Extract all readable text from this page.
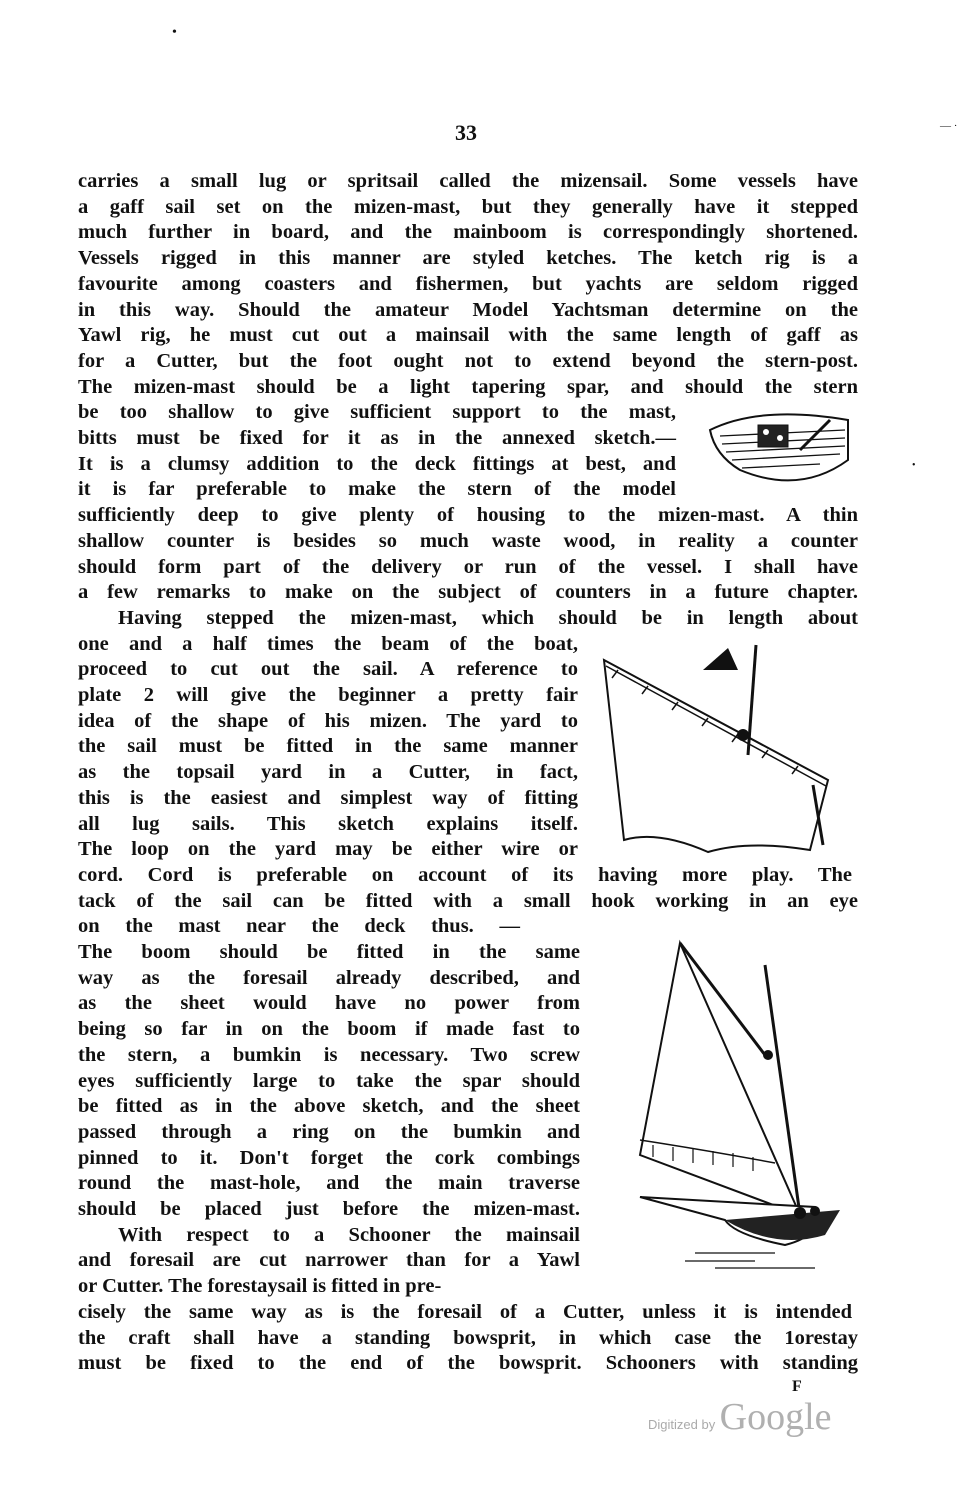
33
•
–– ·
•
carries a small lug or spritsail called the mizensail. Some vessels have
a gaff sail set on the mizen-mast, but they generally have it stepped
much further in board, and the mainboom is correspondingly shortened.
Vessels rigged in this manner are styled ketches. The ketch rig is a
favourite among coasters and fishermen, but yachts are seldom rigged
in this way. Should the amateur Model Yachtsman determine on the
Yawl rig, he must cut out a mainsail with the same length of gaff as
for a Cutter, but the foot ought not to extend beyond the stern-post.
The mizen-mast should be a light tapering spar, and should the stern
be too shallow to give sufficient support to the mast,
bitts must be fixed for it as in the annexed sketch.—
It is a clumsy addition to the deck fittings at best, and
it is far preferable to make the stern of the model
sufficiently deep to give plenty of housing to the mizen-mast. A thin
shallow counter is besides so much waste wood, in reality a counter
should form part of the delivery or run of the vessel. I shall have
a few remarks to make on the subject of counters in a future chapter.
Having stepped the mizen-mast, which should be in length about
one and a half times the beam of the boat,
proceed to cut out the sail. A reference to
plate 2 will give the beginner a pretty fair
idea of the shape of his mizen. The yard to
the sail must be fitted in the same manner
as the topsail yard in a Cutter, in fact,
this is the easiest and simplest way of fitting
all lug sails. This sketch explains itself.
The loop on the yard may be either wire or
cord. Cord is preferable on account of its having more play. The
tack of the sail can be fitted with a small hook working in an eye
on the mast near the deck thus. —
The boom should be fitted in the same
way as the foresail already described, and
as the sheet would have no power from
being so far in on the boom if made fast to
the stern, a bumkin is necessary. Two screw
eyes sufficiently large to take the spar should
be fitted as in the above sketch, and the sheet
passed through a ring on the bumkin and
pinned to it. Don't forget the cork combings
round the mast-hole, and the main traverse
should be placed just before the mizen-mast.
With respect to a Schooner the mainsail
and foresail are cut narrower than for a Yawl
or Cutter. The forestaysail is fitted in pre-
cisely the same way as is the foresail of a Cutter, unless it is intended
the craft shall have a standing bowsprit, in which case the 1orestay
must be fixed to the end of the bowsprit. Schooners with standing
F
Digitized by Google
